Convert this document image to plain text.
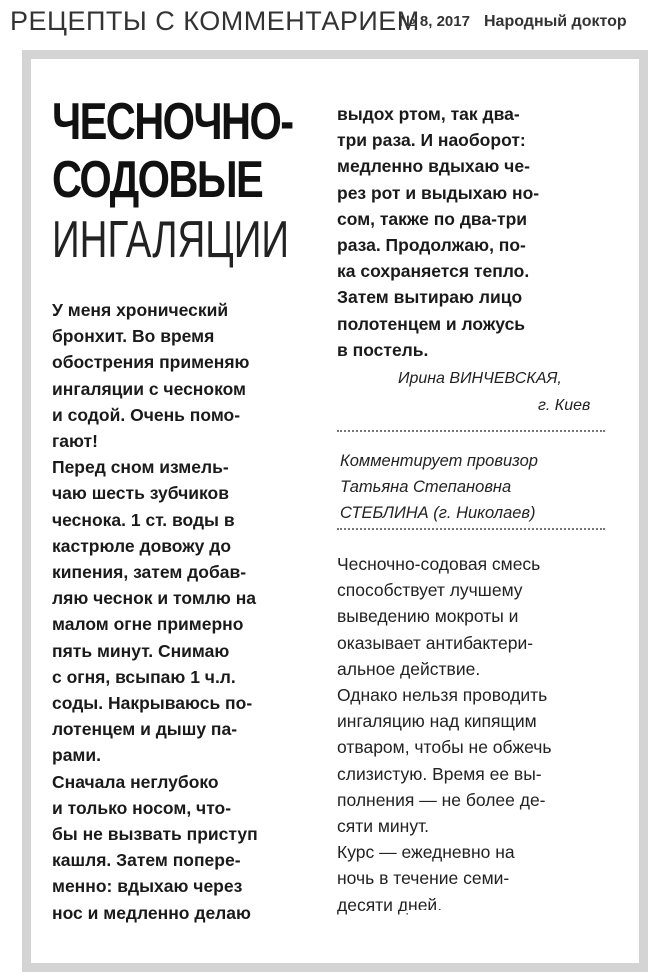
РЕЦЕПТЫ С КОММЕНТАРИЕМ
№ 8, 2017 Народный доктор
ЧЕСНОЧНО-
СОДОВЫЕ
ИНГАЛЯЦИИ
У меня хронический
бронхит. Во время
обострения применяю
ингаляции с чесноком
и содой. Очень помо-
гают!
Перед сном измель-
чаю шесть зубчиков
чеснока. 1 ст. воды в
кастрюле довожу до
кипения, затем добав-
ляю чеснок и томлю на
малом огне примерно
пять минут. Снимаю
с огня, всыпаю 1 ч.л.
соды. Накрываюсь по-
лотенцем и дышу па-
рами.
Сначала неглубоко
и только носом, что-
бы не вызвать приступ
кашля. Затем попере-
менно: вдыхаю через
нос и медленно делаю
выдох ртом, так два-
три раза. И наоборот:
медленно вдыхаю че-
рез рот и выдыхаю но-
сом, также по два-три
раза. Продолжаю, по-
ка сохраняется тепло.
Затем вытираю лицо
полотенцем и ложусь
в постель.
Ирина ВИНЧЕВСКАЯ,
г. Киев
Комментирует провизор
Татьяна Степановна
СТЕБЛИНА (г. Николаев)
Чесночно-содовая смесь
способствует лучшему
выведению мокроты и
оказывает антибактери-
альное действие.
Однако нельзя проводить
ингаляцию над кипящим
отваром, чтобы не обжечь
слизистую. Время ее вы-
полнения — не более де-
сяти минут.
Курс — ежедневно на
ночь в течение семи-
десяти дней.
postila.ru
